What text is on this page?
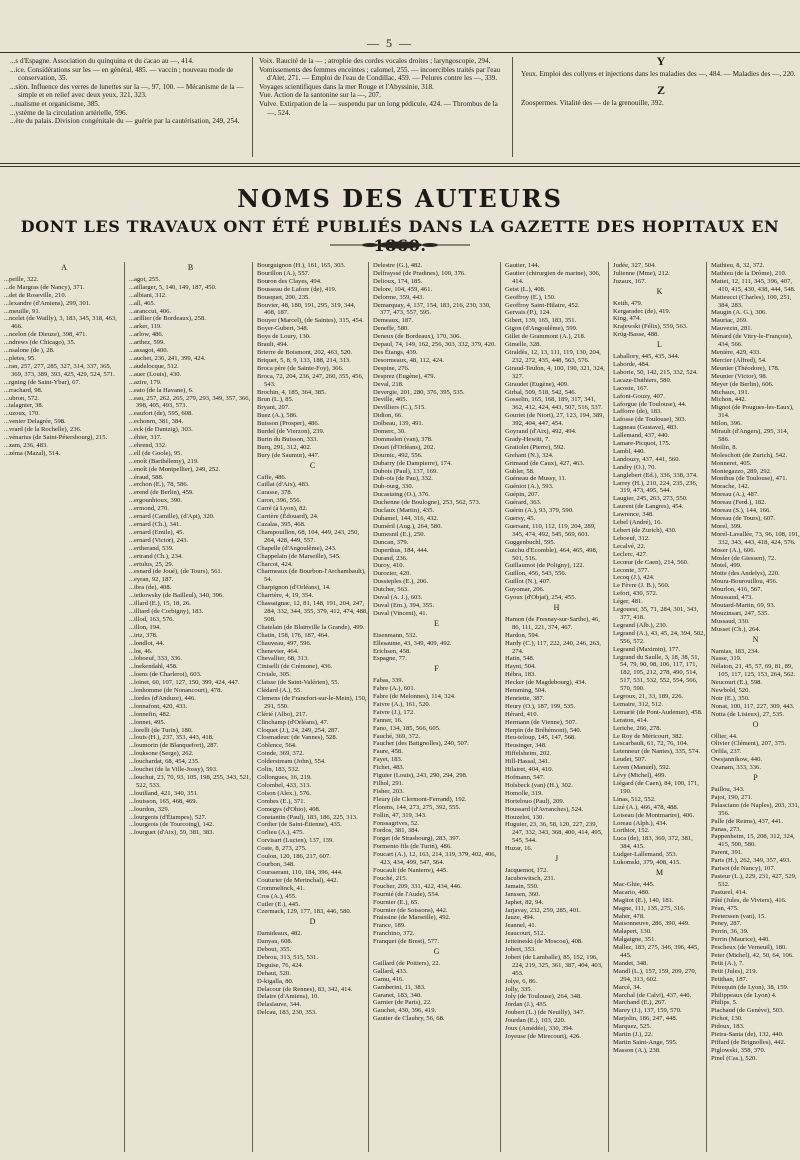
— 5 —
...s d'Espagne. Association du quinquina et du cacao au —, 414.
...ice. Considérations sur les — en général, 485. — vaccin ; nouveau mode de conservation, 35.
...sion. Influence des verres de lunettes sur la —, 97, 100. — Mécanisme de la — simple et en relief avec deux yeux, 321, 323.
...tualisme et organicisme, 385.
...ystème de la circulation artérielle, 596.
...ète du palais. Division congénitale du — guérie par la cautérisation, 249, 254.
Voix. Raucité de la — ; atrophie des cordes vocales droites ; laryngoscopie, 294.
Vomissements des femmes enceintes ; calomel, 255. — incoercibles traités par l'eau d'Alet, 271. — Emploi de l'eau de Condillac, 459. — Pelures contre les —, 339.
Voyages scientifiques dans la mer Rouge et l'Abyssinie, 318.
Vue. Action de la santonine sur la —, 207.
Vulve. Extirpation de la — suspendu par un long pédicule, 424. — Thrombus de la —, 524.
Y
Yeux. Emploi des collyres et injections dans les maladies des —, 484. — Maladies des —, 220.
Z
Zoospermes. Vitalité des — de la grenouille, 392.
NOMS DES AUTEURS
DONT LES TRAVAUX ONT ÉTÉ PUBLIÉS DANS LA GAZETTE DES HOPITAUX EN
A
...peille, 322.
...de Margras (de Nancy), 371.
...det de Roseville, 210.
...lexandre (d'Amiens), 299, 301.
...meuille, 91.
...ncelet (de Wailly), 3, 183, 345, 318, 463, 466.
...ncelon (de Dieuze), 398, 471.
...ndrews (de Chicago), 35.
...nsalone (de ), 28.
...pletes, 95.
...ran, 257, 277, 285, 327, 314, 337, 365, 369, 373, 389, 393, 425, 429, 524, 571.
...rgning (de Saint-Ybar), 67.
...rrachard, 98.
...ubron, 572.
...talagnier, 38.
...uzoux, 170.
...venier Delagrée, 598.
...vrard (de la Rochelle), 236.
...vénarius (de Saint-Pétersbourg), 215.
...zam, 236, 483.
...zéma (Mazal), 514.
B
...agot, 255.
...aillarger, 5, 140, 149, 187, 450.
...albiani, 312.
...all, 465.
...aranccut, 406.
...arillier (de Bordeaux), 258.
...arker, 119.
...arlow, 486.
...arthez, 599.
...assagot, 400.
...auchet, 236, 241, 399, 424.
...audelocque, 512.
...auer (Louis), 430.
...azire, 179.
...eato (de la Havane), 6.
...eau, 257, 262, 265, 279, 293, 349, 357, 366, 398, 405, 493, 573.
...eaufort (de), 595, 608.
...echonrn, 381, 384.
...eck (de Dantzig), 303.
...éhier, 317.
...ehrend, 332.
...ell (de Goole), 95.
...enoît (Barthélemy), 219.
...enoît (de Montpellier), 249, 252.
...éraud, 588.
...erchon (E.), 78, 586.
...erend (de Berlin), 459.
...ergounhioux, 390.
...ermond, 270.
...ernard (Camille), (d'Apt), 320.
...ernard (Ch.), 341.
...ernard (Emile), 45.
...ernard (Victor), 243.
...ertherand, 539.
...ertrand (Ch.), 234.
...ertulus, 25, 29.
...esnard (de Joué), (de Tours), 561.
...eyran, 92, 187.
...ibra (de), 408.
...ietkowsky (de Bailleul), 340, 396.
...illard (E.), 15, 18, 26.
...illiard (de Corbigny), 183.
...illod, 163, 576.
...illon, 194.
...irtz, 378.
...londlot, 44.
...lot, 46.
...loboeuf, 333, 336.
...loekendahl, 458.
...loens (de Charleroi), 603.
...loinet, 60, 107, 127, 150, 399, 424, 447.
...lonhomme (de Nonancourt), 478.
...lordes (d'Anduze), 446.
...lonnafont, 420, 433.
...lonnefin, 482.
...lonnet, 495.
...lorelli (de Turin), 180.
...louis (H.), 237, 353, 443, 418.
...loumorin (de Blanquefort), 287.
...louksone (Serge), 262.
...louchardat, 68, 454, 235.
...louchet (de la Ville-Jossy), 593.
...louchut, 23, 70, 93, 105, 198, 255, 343, 521, 522, 533.
...louilland, 421, 340, 351.
...louisson, 165, 468, 469.
...lourdon, 329.
...lourgeois (d'Étampes), 527.
...lourgeois (de Tourcoing), 142.
...lourguet (d'Aix), 59, 381, 383.
Bourguignon (H.), 161, 165, 303.
Bourillon (A.), 557.
Bouron des Clayes, 494.
Bousseau de Lafore (de), 419.
Bousquet, 200, 235.
Bouvier, 48, 180, 191, 295, 319, 344, 408, 187.
Bouyer (Marcel), (de Saintes), 315, 454.
Boyer-Gubert, 348.
Boys de Loury, 130.
Brault, 494.
Brierre de Boismont, 202, 463, 520.
Briquet, 5, 8, 9, 133, 188, 214, 313.
Broca père (de Sainte-Foy), 366.
Broca, 72, 204, 236, 247, 260, 355, 456, 543.
Brochin, 4, 185, 364, 385.
Brun (L.), 85.
Bryant, 207.
Buez (A.), 586.
Buisson (Prosper), 486.
Burdel (de Vierzon), 239.
Burin du Buisson, 333.
Burq, 291, 312, 402.
Bury (de Saumur), 447.
C
Caffe, 486.
Caillat (d'Aix), 483.
Carasse, 378.
Caron, 396, 556.
Carré (à Lyon), 82.
Carrière (Édouard), 24.
Cazalas, 395, 468.
Champouillon, 68, 104, 449, 243, 250, 264, 428, 449, 557.
Chapelle (d'Angoulême), 243.
Chappelain (de Marseille), 545.
Charcot, 424.
Charmeaux (de Bourbon-l'Archambault), 54.
Charpignon (d'Orléans), 14.
Charrière, 4, 19, 354.
Chassaignac, 12, 81, 148, 191, 204, 247, 284, 332, 344, 355, 379, 412, 474, 488, 508.
Chatelain (de Blainville la Grande), 499.
Chatin, 158, 176, 187, 464.
Chauveau, 497, 596.
Chenevier, 464.
Chevallier, 68, 313.
Ciniselli (de Crémone), 436.
Civiale, 305.
Claisse (de Saint-Valérien), 55.
Clédard (A.), 55.
Clemens (de Francfort-sur-le-Mein), 150, 291, 550.
Clérié (Albo), 217.
Clinchamp (d'Orléans), 47.
Cloquet (J.), 24, 249, 254, 287.
Closmadeuc (de Vannes), 528.
Coblence, 564.
Coinde, 369, 372.
Colderstream (John), 554.
Colin, 183, 532.
Collongues, 16, 219.
Colombel, 433, 313.
Colson (Alex.), 576.
Combes (E.), 371.
Comegys (d'Ohio), 408.
Constantin (Paul), 183, 186, 225, 313.
Cordier (de Saint-Étienne), 435.
Corlieu (A.), 475.
Corvisart (Lucien), 137, 139.
Coste, 8, 273, 275.
Coulon, 120, 186, 217, 607.
Courbon, 348.
Coursserant, 110, 184, 396, 444.
Couturier (de Merinchal), 442.
Crommelinck, 41.
Cros (A.), 455.
Cutler (E.), 445.
Czermack, 129, 177, 183, 446, 580.
D
Damideaux, 482.
Danyau, 608.
Debout, 355.
Debrou, 313, 515, 531.
Deguise, 76, 424.
Dehaut, 520.
D-kigalla, 80.
Delacour (de Rennes), 83, 342, 414.
Delaire (d'Amiens), 10.
Delasiauve, 344.
Delcau, 183, 230, 353.
Delestre (G.), 482.
Delfrayssé (de Pradines), 100, 376.
Delioux, 174, 185.
Delore, 104, 459, 461.
Delorme, 359, 443.
Demarquay, 4, 137, 154, 183, 216, 230, 330, 377, 473, 557, 595.
Demeaux, 187.
Deneffe, 580.
Deneux (de Bordeaux), 170, 306.
Depaul, 74, 149, 162, 256, 303, 332, 379, 420.
Des Étangs, 439.
Desormeaux, 48, 112, 424.
Despine, 276.
Desprez (Eugène), 479.
Deval, 218.
Devergie, 201, 280, 376, 395, 535.
Deville, 465.
Devilliers (C.), 515.
Didion, 66.
Dolbeau, 139, 491.
Domerc, 30.
Dommelen (van), 378.
Douet (d'Orléans), 202.
Dournic, 492, 556.
Dubarry (de Dampierre), 174.
Dubois (Paul), 137, 169.
Dub-ois (de Pau), 332.
Dub-ourg, 330.
Ducastaing (O.), 376.
Duchenne (de Boulogne), 253, 562, 573.
Duclaux (Martin), 435.
Duhamel, 144, 316, 432.
Duméril (Aug.), 264, 580.
Dumesnil (E.), 250.
Duncan, 379.
Duperthus, 184, 444.
Durand, 236.
Duroy, 410.
Durozier, 420.
Dussieples (E.), 206.
Dutcher, 563.
Duval (A. J.), 603.
Duval (Em.), 394, 355.
Duval (Vincent), 41.
E
Eisenmann, 532.
Ellesaume, 43, 349, 409, 492.
Erichsen, 458.
Espagne, 77.
F
Fabas, 339.
Fabre (A.), 601.
Fabre (de Melonnes), 114, 324.
Faivre (A.), 161, 520.
Faivre (J.), 172.
Fanner, 16.
Fano, 134, 185, 566, 605.
Fauché, 369, 372.
Faucher (des Batignolles), 240, 507.
Faure, 458.
Fayet, 183.
Fichet, 483.
Figuier (Louis), 243, 290, 294, 298.
Filhol, 291.
Fisher, 203.
Fleury (de Clermont-Ferrand), 192.
Florens, 144, 273, 275, 392, 555.
Follin, 47, 319, 343.
Fonssagrives, 52.
Fordos, 381, 384.
Forget (de Strasbourg), 283, 397.
Formento fils (de Turin), 486.
Foucart (A.), 12, 163, 214, 319, 379, 402, 406, 423, 434, 499, 547, 564.
Foucault (de Nanterre), 445.
Fouché, 215.
Foucher, 209, 331, 422, 434, 446.
Fournié (de l'Aude), 554.
Fournier (E.), 65.
Fournier (de Soissons), 442.
Fraissine (de Marseille), 492.
France, 189.
Franchino, 372.
Franquet (de Brest), 577.
G
Gaillard (de Poitiers), 22.
Gallard, 433.
Gamu, 416.
Gamberini, 11, 383.
Garanet, 183, 340.
Garnier (de Paris), 22.
Gauchet, 430, 396, 419.
Gautier de Claubry, 56, 68.
Gautier, 144.
Gautier (chirurgien de marine), 306, 414.
Geist (L.), 408.
Geoffroy (E.), 150.
Geoffroy Saint-Hilaire, 452.
Gervais (P.), 124.
Gibert, 139, 165, 183, 351.
Gigon (d'Angoulême), 599.
Gillet de Grammont (A.), 218.
Gimelle, 328.
Giraldès, 12, 13, 111, 119, 130, 204, 232, 272, 435, 448, 563, 576.
Giraud-Teulon, 4, 100, 190, 321, 324, 327.
Giraudet (Eugène), 409.
Girbal, 509, 518, 542, 546.
Gosselin, 165, 168, 189, 317, 341, 362, 412, 424, 443, 507, 516, 537.
Gouriet (de Niort), 27, 123, 194, 389, 392, 404, 447, 454.
Goyrand (d'Aix), 492, 494.
Grady-Hewitt, 7.
Gratiolet (Pierre), 592.
Grehant (N.), 324.
Grimaud (de Caux), 427, 463.
Gubler, 58.
Guéneau de Mussy, 11.
Guéniot (A.), 593.
Guépin, 207.
Guérard, 363.
Guérin (A.), 93, 379, 590.
Guersy, 45.
Guersant, 110, 112, 119, 204, 289, 345, 474, 492, 545, 569, 601.
Guggenbuchl, 595.
Guichu d'Ecomble), 464, 465, 498, 501, 516.
Guillaumot (de Poligny), 122.
Guillon, 456, 543, 556.
Guillot (N.), 407.
Guyomar, 206.
Gyoux (d'Objat), 254, 455.
H
Hamon (de Fresnay-sur-Sarthe), 46, 86, 111, 221, 374, 467.
Hardon, 594.
Hardy (C.), 117, 222, 240, 246, 263, 274.
Hatin, 548.
Hayni, 504.
Hébra, 183.
Hecker (de Magdebourg), 434.
Hemming, 504.
Henriette, 387.
Heury (O.), 187, 199, 535.
Hérard, 410.
Hermann (de Vienne), 507.
Herpin (de Bréhémont), 540.
Heu-teloup, 145, 147, 568.
Heusinger, 348.
Hiffelsheim, 202.
Hill-Hassal, 341.
Hilairet, 404, 410.
Hofmann, 547.
Holsbeck (van) (H.), 302.
Homolle, 319.
Hortelouo (Paul), 209.
Houssard (d'Avranches), 524.
Houzelot, 130.
Huguier, 23, 36, 58, 120, 227, 239, 247, 332, 343, 368, 400, 414, 495, 545, 544.
Huzar, 16.
J
Jacquemot, 172.
Jacubowitsch, 231.
Jamain, 550.
Janssen, 360.
Japhet, 82, 94.
Jarjavay, 232, 259, 285, 401.
Jauze, 494.
Jeannel, 41.
Jeaucourt, 512.
Jeiteineski (de Moscou), 408.
Jobert, 353.
Jobert (de Lamballe), 85, 152, 196, 224, 219, 325, 361, 387, 404, 403, 453.
Jolye, 6, 86.
Jolly, 335.
Joly (de Toulouse), 264, 348.
Jordan (J.), 435.
Joubert (L.) (de Neuilly), 347.
Jourdan (E.), 103, 220.
Joux (Amédée), 330, 394.
Joyeuse (de Mirecourt), 426.
Judée, 327, 504.
Julienne (Mme), 212.
Juzaux, 167.
K
Keith, 479.
Kergaradec (de), 419.
King, 474.
Krajewski (Félix), 559, 563.
Krüg-Basse, 488.
L
Laballory, 445, 435, 344.
Laborde, 484.
Laborie, 50, 142, 215, 332, 524.
Lacaze-Duthiers, 580.
Lacoste, 167.
Lafont-Gouzy, 407.
Laforgue (de Toulouse), 44.
Lafforre (de), 183.
Lafosse (de Toulouse), 303.
Lagneau (Gustave), 483.
Lallemand, 437, 440.
Lamare-Picquot, 175.
Lambl, 440.
Landouzy, 437, 441, 560.
Landry (O.), 70.
Langlebert (Ed.), 336, 338, 374.
Larrey (H.), 210, 224, 235, 236, 319, 473, 495, 544.
Laugier, 245, 263, 273, 550.
Laurent (de Langres), 454.
Lawrence, 348.
Lebel (André), 16.
Lebert (de Zurich), 430.
Leboeuf, 312.
Lecalvé, 22.
Leclerc, 427.
Lecœur (de Caen), 214, 560.
Leconte, 377.
Lecoq (J.), 424.
Le Fèvre (J. B.), 560.
Lefort, 430, 572.
Léger, 481.
Legouest, 35, 71, 284, 301, 343, 377, 418.
Legrand (Alb.), 230.
Legrand (A.), 43, 45, 24, 394, 502, 556, 572.
Legrand (Maximin), 177.
Legrand du Saulle, 3, 18, 38, 51, 54, 79, 90, 98, 106, 117, 171, 182, 195, 212, 278, 490, 514, 517, 531, 532, 552, 554, 566, 570, 590.
Legroux, 21, 33, 189, 226.
Lemaire, 312, 512.
Lemarié (de Pont-Audemer), 458.
Leraton, 414.
Leriche, 266, 278.
Le Roy de Méricourt, 382.
Lescarbault, 61, 72, 76, 104.
Letenneur (de Nantes), 335, 574.
Leudet, 507.
Leven (Manuel), 592.
Lévy (Michel), 499.
Liégard (de Caen), 84, 100, 171, 190.
Linas, 512, 552.
Lizé (A.), 466, 478, 488.
Loiseau (de Montmartre), 406.
Loreau (Alph.), 434.
Lorthior, 152.
Luca (de), 183, 369, 372, 381, 384, 415.
Ludger-Lallemand, 353.
Lukomski, 379, 408, 415.
M
Mac-Ghie, 445.
Macario, 480.
Magitot (E.), 140, 181.
Magne, 111, 135, 275, 316.
Maher, 478.
Maisonneuve, 286, 390, 449.
Malapert, 130.
Malgaigne, 351.
Mallez, 183, 275, 346, 396, 445, 445.
Mandet, 348.
Mandl (L.), 157, 159, 209, 270, 294, 313, 602.
Marcé, 34.
Marchal (de Calvi), 437, 440.
Marchand (E.), 267.
Marey (J.), 137, 159, 570.
Marjolin, 186, 247, 448.
Marquez, 525.
Martin (J.), 22.
Martin Saint-Ange, 595.
Masson (A.), 238.
Mathieu, 8, 32, 372.
Mathieu (de la Drôme), 210.
Mattei, 12, 111, 345, 396, 407, 410, 415, 430, 438, 444, 548.
Matteucci (Charles), 100, 251, 384, 283.
Maugin (A. G.), 306.
Mauriac, 269.
Mauvezin, 281.
Ménard (de Vitry-le-François), 434, 566.
Menière, 429, 433.
Mercier (Alfred), 54.
Meunier (Théodore), 178.
Meunier (Victor), 98.
Meyer (de Berlin), 606.
Michaux, 191.
Michon, 442.
Mignot (de Pougues-les-Eaux), 314.
Milon, 396.
Mirault (d'Angers), 295, 314, 586.
Moilin, 8.
Moleschott (de Zurich), 542.
Monneret, 405.
Montegazzo, 289, 292.
Monthus (de Toulouse), 471.
Morache, 142.
Moreau (A.), 487.
Moreau (Ferd.), 182.
Moreau (S.), 144, 166.
Moreau (de Tours), 607.
Morel, 399.
Morel-Lavallée, 73, 96, 108, 191, 332, 343, 443, 418, 424, 576.
Moser (A.), 606.
Mosler (de Giessen), 72.
Motel, 499.
Motte (des Andelys), 220.
Moura-Bourouillou, 456.
Mourlon, 416, 567.
Moussaud, 473.
Moutard-Martin, 69, 93.
Mouzinsart, 247, 535.
Mussaud, 330.
Musset (Ch.), 264.
N
Namias, 183, 234.
Nasse, 319.
Nélaton, 21, 45, 57, 69, 81, 89, 105, 117, 125, 153, 264, 562.
Neucourt (E.), 598.
Newbold, 520.
Noir (E.), 350.
Nonat, 100, 117, 227, 309, 443.
Notta (de Lisieux), 27, 535.
O
Ollier, 44.
Olivier (Clément), 207, 375.
Orfila, 237.
Owsjannikow, 440.
Ozanam, 333, 336.
P
Paillou, 343.
Pajot, 190, 271.
Palasciano (de Naples), 203, 331, 356.
Palle (de Reims), 437, 441.
Panas, 273.
Pappenheim, 15, 208, 312, 324, 415, 500, 580.
Parent, 391.
Paris (H.), 262, 349, 357, 493.
Parisot (de Nancy), 107.
Pasteur (L.), 229, 231, 427, 529, 532.
Pasturel, 414.
Pâté (Jules, de Viviers), 416.
Péan, 475.
Peeterssen (van), 15.
Peney, 287.
Perrin, 36, 39.
Perrin (Maurice), 440.
Pescheux (de Verneuil), 180.
Peter (Michel), 42, 50, 64, 106.
Petit (A.), 7.
Petit (Jules), 219.
Petithan, 187.
Pétrequin (de Lyon), 38, 159.
Philippeaux (de Lyon) 4.
Philips, 5.
Piachaud (de Genève), 503.
Pichot, 130.
Pidoux, 183.
Pietra-Santa (de), 132, 440.
Piffard (de Brignolles), 442.
Piglowski, 358, 370.
Pinel (Cas.), 520.
